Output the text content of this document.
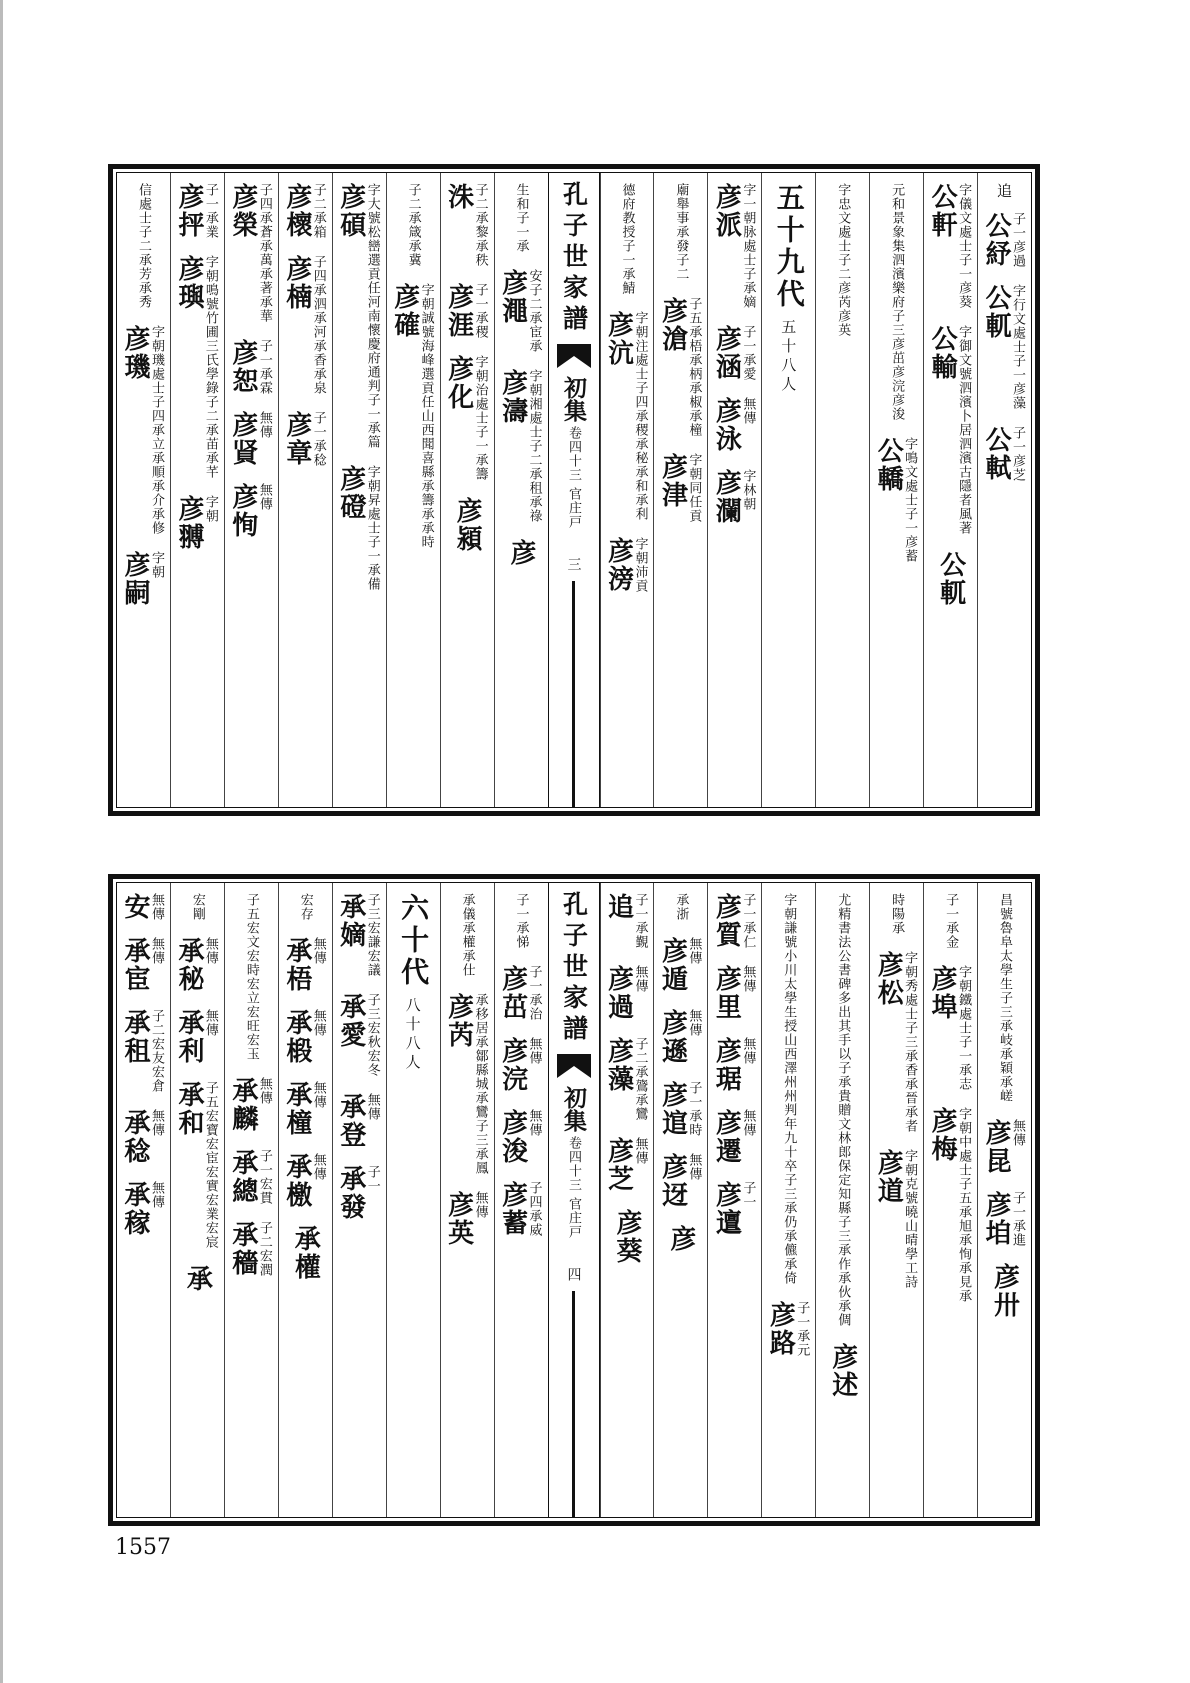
追
公紓
子一彦過
公軏
字行文處士子一彦藻
公軾
子一彦芝
公軒
字儀文處士子一彦葵
公輸
字御文號泗濱卜居泗濱古隱者風著
公軏
元和景象集泗濱樂府子三彦茁彦浣彦浚
公轎
字鳴文處士子一彦蓄
字忠文處士子二彦芮彦英
五十九代
五十八人
彦派
字一朝脉處士子承嫡
彦涵
子一承愛
彦泳
無傳
彦瀾
字林朝
廟舉事承發子二
彦滄
子五承梧承柄承椒承橦
彦津
字朝同任貢
德府教授子一承鯖
彦沆
字朝注處士子四承稷承秘承和承利
彦滂
字朝沛貢
孔子世家譜
初集
卷四十三 官庄戸
三
生和子一承
彦澠
安子二承宦承
彦濤
字朝湘處士子二承租承祿
彦
洙
子二承黎承秩
彦涯
子一承稷
彦化
字朝治處士子一承籌
彦潁
子二承箴承冀
彦確
字朝誠號海峰選貢任山西聞喜縣承籌承承時
彦碩
字大號松巒選貢任河南懷慶府通判子一承篇
彦磴
字朝昇處士子一承備
彦櫰
子二承箱
彦楠
子四承泗承河承香承泉
彦章
子一承稔
彦榮
子四承蒼承萬承著承華
彦恕
子一承霖
彦䝨
無傳
彦恂
無傳
彦抨
子一承業
彦璵
字朝鳴號竹圃三氏學錄子二承苖承芊
彦䎔
字朝
信處士子二承芳承秀
彦璣
字朝璣處士子四承立承順承介承修
彦嗣
字朝
昌號魯阜太學生子三承岐承穎承嵯
彦昆
無傳
彦垍
子一承進
彦卅
子一承金
彦埠
字朝鐵處士子一承志
彦梅
字朝中處士子五承旭承恂承見承
時陽承
彦松
字朝秀處士子三承香承晉承者
彦道
字朝克號曉山晴學工詩
尤精書法公書碑多出其手以子承貴贈文林郎保定知縣子三承作承伙承倜
彦述
字朝謙號小川太學生授山西澤州州判年九十卒子三承仍承儦承倚
彦路
子一承元
彦質
子一承仁
彦里
無傳
彦琚
無傳
彦遷
無傳
彦邅
子一
承浙
彦遁
無傳
彦遜
無傳
彦逭
子一承時
彦迓
無傳
彦
追
子一承覲
彦過
無傳
彦藻
子二承鷟承鸞
彦芝
無傳
彦葵
孔子世家譜
初集
卷四十三 官庄戸
四
子一承悌
彦茁
子一承治
彦浣
無傳
彦浚
無傳
彦蓄
子四承威
承儀承權承仕
彦芮
承移居承鄒縣城承鸞子三承鳳
彦英
無傳
六十代
八十八人
承嫡
子三宏謙宏議
承愛
子三宏秋宏冬
承登
無傳
承發
子一
宏存
承梧
無傳
承椴
無傳
承橦
無傳
承檄
無傳
承權
子五宏文宏時宏立宏旺宏玉
承麟
無傳
承總
子一宏貫
承穡
子二宏潤
宏剛
承秘
無傳
承利
無傳
承和
子五宏寶宏宦宏實宏業宏宸
承
安
無傳
承宦
無傳
承租
子二宏友宏倉
承稔
無傳
承稼
無傳
1557
